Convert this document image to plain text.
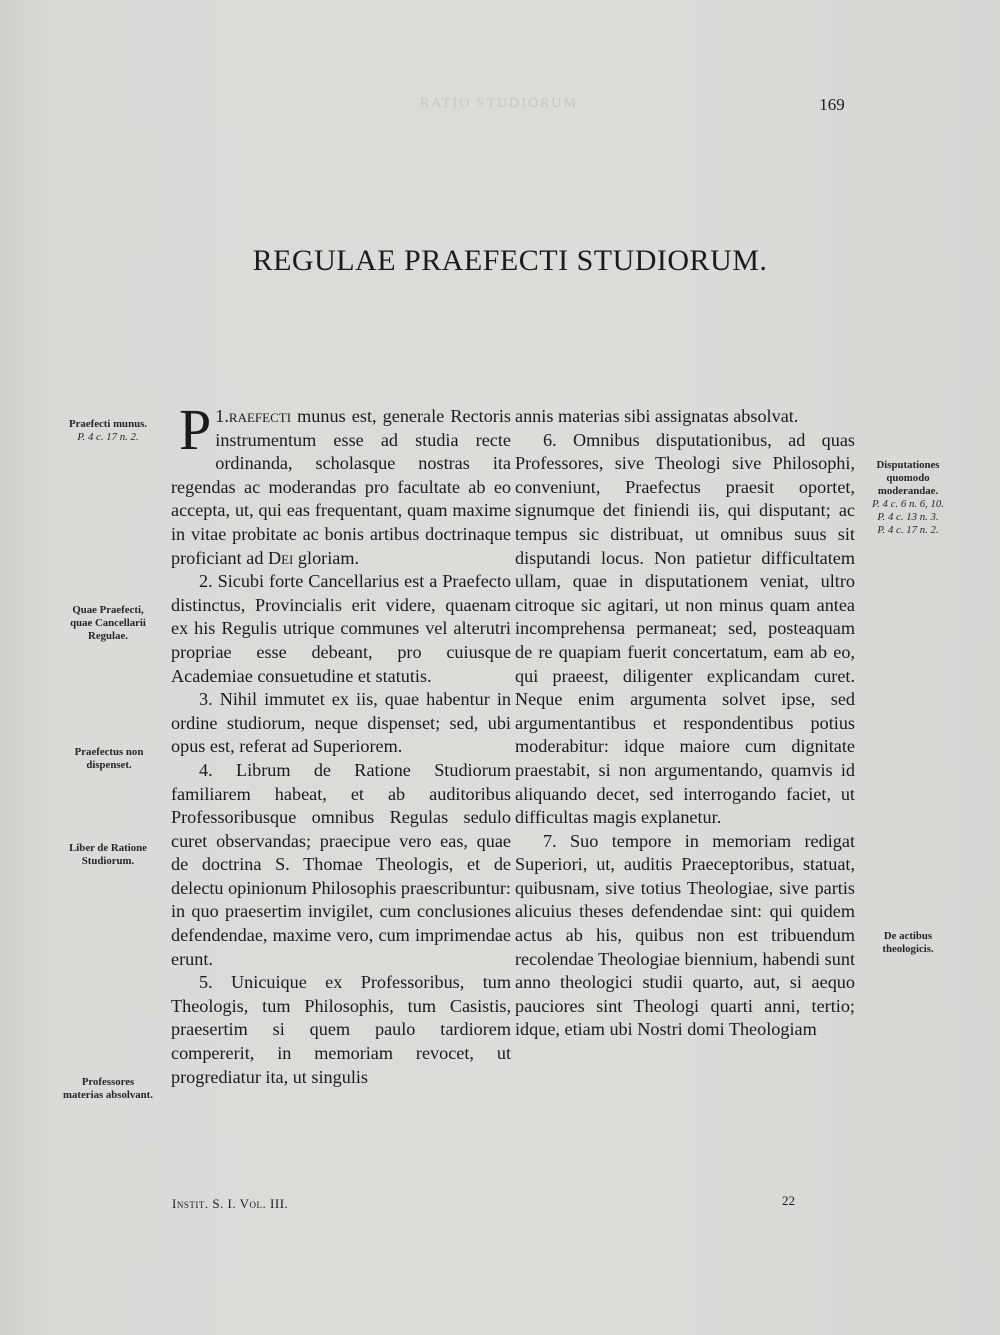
RATIO STUDIORUM	169
REGULAE PRAEFECTI STUDIORUM.
Praefecti munus.
P. 4 c. 17 n. 2.
Quae Praefecti, quae Cancellarii Regulae.
Praefectus non dispenset.
Liber de Ratione Studiorum.
Professores materias absolvant.
Disputationes quomodo moderandae.
P. 4 c. 6 n. 6, 10.
P. 4 c. 13 n. 3.
P. 4 c. 17 n. 2.
De actibus theologicis.

1.
P raefecti munus est, generale Rectoris instrumentum esse ad studia recte ordinanda, scholasque nostras ita regendas ac moderandas pro facultate ab eo accepta, ut, qui eas frequentant, quam maxime in vitae probitate ac bonis artibus doctrinaque proficiant ad Dei gloriam.

2. Sicubi forte Cancellarius est a Praefecto distinctus, Provincialis erit videre, quaenam ex his Regulis utrique communes vel alterutri propriae esse debeant, pro cuiusque Academiae consuetudine et statutis.

3. Nihil immutet ex iis, quae habentur in ordine studiorum, neque dispenset; sed, ubi opus est, referat ad Superiorem.

4. Librum de Ratione Studiorum familiarem habeat, et ab auditoribus Professoribusque omnibus Regulas sedulo curet observandas; praecipue vero eas, quae de doctrina S. Thomae Theologis, et de delectu opinionum Philosophis praescribuntur: in quo praesertim invigilet, cum conclusiones defendendae, maxime vero, cum imprimendae erunt.

5. Unicuique ex Professoribus, tum Theologis, tum Philosophis, tum Casistis, praesertim si quem paulo tardiorem compererit, in memoriam revocet, ut progrediatur ita, ut singulis

annis materias sibi assignatas absolvat.

6. Omnibus disputationibus, ad quas Professores, sive Theologi sive Philosophi, conveniunt, Praefectus praesit oportet, signumque det finiendi iis, qui disputant; ac tempus sic distribuat, ut omnibus suus sit disputandi locus. Non patietur difficultatem ullam, quae in disputationem veniat, ultro citroque sic agitari, ut non minus quam antea incomprehensa permaneat; sed, posteaquam de re quapiam fuerit concertatum, eam ab eo, qui praeest, diligenter explicandam curet. Neque enim argumenta solvet ipse, sed argumentantibus et respondentibus potius moderabitur: idque maiore cum dignitate praestabit, si non argumentando, quamvis id aliquando decet, sed interrogando faciet, ut difficultas magis explanetur.

7. Suo tempore in memoriam redigat Superiori, ut, auditis Praeceptoribus, statuat, quibusnam, sive totius Theologiae, sive partis alicuius theses defendendae sint: qui quidem actus ab his, quibus non est tribuendum recolendae Theologiae biennium, habendi sunt anno theologici studii quarto, aut, si aequo pauciores sint Theologi quarti anni, tertio; idque, etiam ubi Nostri domi Theologiam

Instit. S. I. Vol. III.	22
